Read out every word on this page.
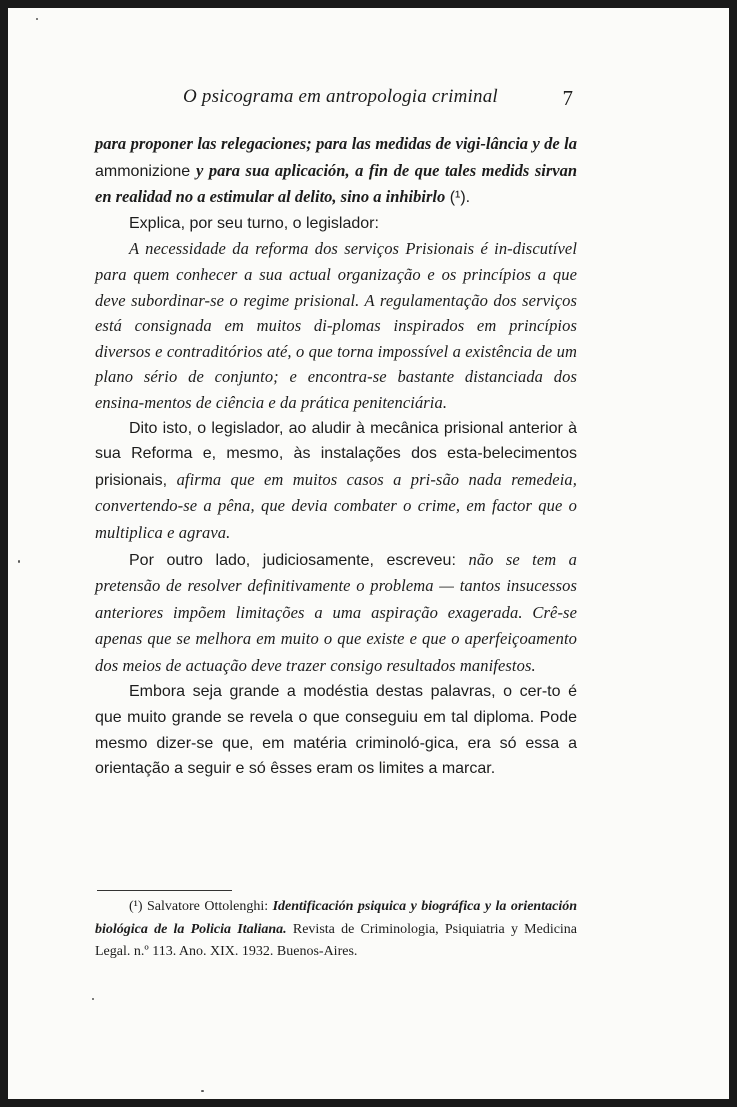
O psicograma em antropologia criminal	7

para proponer las relegaciones; para las medidas de vigi-lância y de la ammonizione y para sua aplicación, a fin de que tales medids sirvan en realidad no a estimular al delito, sino a inhibirlo (¹).

Explica, por seu turno, o legislador:

A necessidade da reforma dos serviços Prisionais é in-discutível para quem conhecer a sua actual organização e os princípios a que deve subordinar-se o regime prisional. A regulamentação dos serviços está consignada em muitos di-plomas inspirados em princípios diversos e contraditórios até, o que torna impossível a existência de um plano sério de conjunto; e encontra-se bastante distanciada dos ensina-mentos de ciência e da prática penitenciária.

Dito isto, o legislador, ao aludir à mecânica prisional anterior à sua Reforma e, mesmo, às instalações dos esta-belecimentos prisionais, afirma que em muitos casos a pri-são nada remedeia, convertendo-se a pêna, que devia combater o crime, em factor que o multiplica e agrava.

Por outro lado, judiciosamente, escreveu: não se tem a pretensão de resolver definitivamente o problema — tantos insucessos anteriores impõem limitações a uma aspiração exagerada. Crê-se apenas que se melhora em muito o que existe e que o aperfeiçoamento dos meios de actuação deve trazer consigo resultados manifestos.

Embora seja grande a modéstia destas palavras, o cer-to é que muito grande se revela o que conseguiu em tal diploma. Pode mesmo dizer-se que, em matéria criminoló-gica, era só essa a orientação a seguir e só êsses eram os limites a marcar.

(¹) Salvatore Ottolenghi: Identificación psiquica y biográfica y la orientación biológica de la Policia Italiana. Revista de Criminologia, Psiquiatria y Medicina Legal. n.º 113. Ano. XIX. 1932. Buenos-Aires.
